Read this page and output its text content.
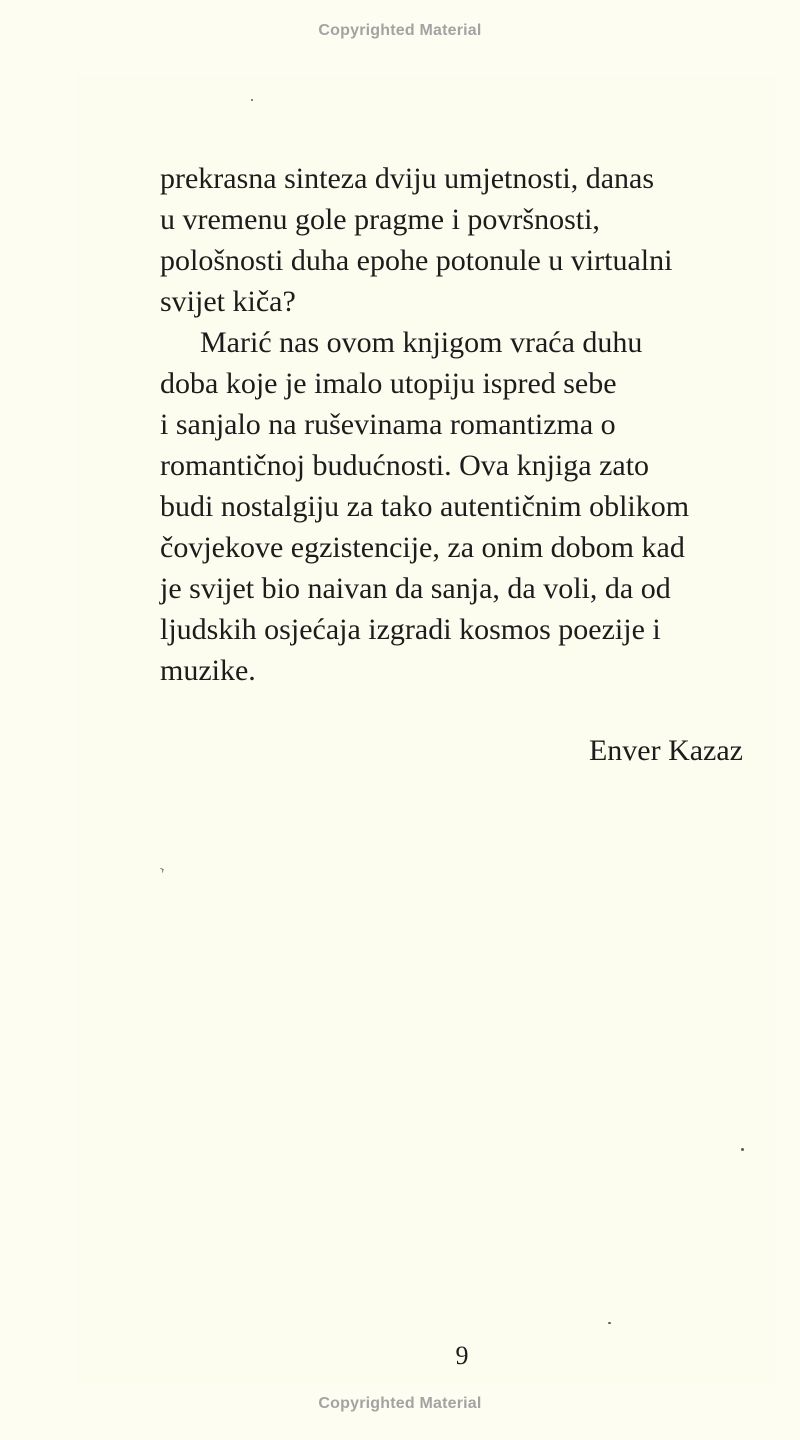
Copyrighted Material
prekrasna sinteza dviju umjetnosti, danas
u vremenu gole pragme i površnosti,
pološnosti duha epohe potonule u virtualni
svijet kiča?
Marić nas ovom knjigom vraća duhu
doba koje je imalo utopiju ispred sebe
i sanjalo na ruševinama romantizma o
romantičnoj budućnosti. Ova knjiga zato
budi nostalgiju za tako autentičnim oblikom
čovjekove egzistencije, za onim dobom kad
je svijet bio naivan da sanja, da voli, da od
ljudskih osjećaja izgradi kosmos poezije i
muzike.
Enver Kazaz
›
9
Copyrighted Material
